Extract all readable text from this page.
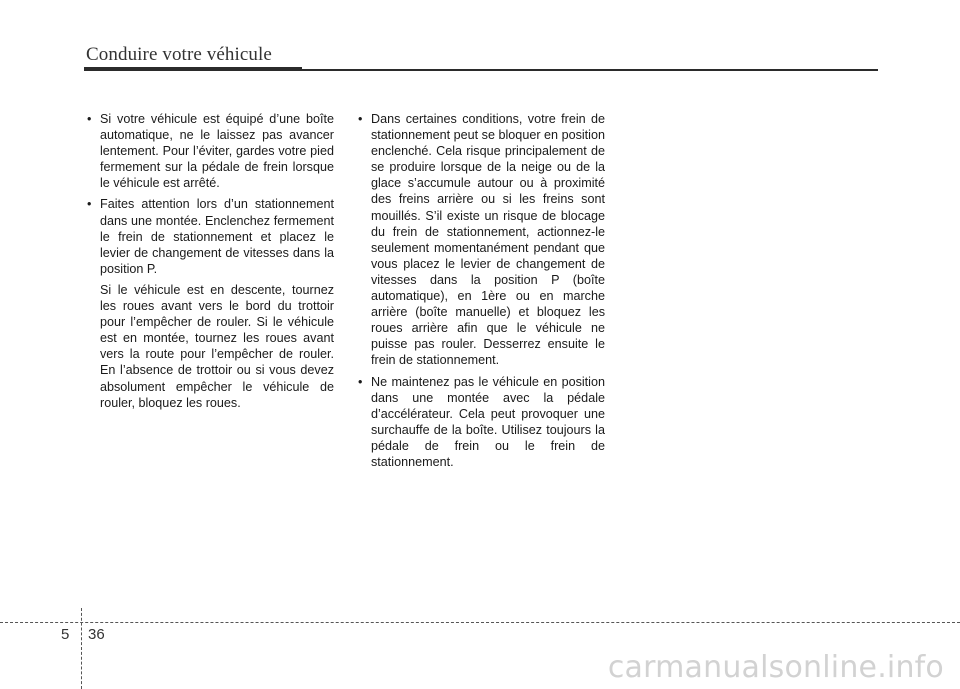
Conduire votre véhicule
• Si votre véhicule est équipé d’une boîte automatique, ne le laissez pas avancer lentement. Pour l’éviter, gardes votre pied fermement sur la pédale de frein lorsque le véhicule est arrêté.

• Faites attention lors d’un stationnement dans une montée. Enclenchez fermement le frein de stationnement et placez le levier de changement de vitesses dans la position P.

Si le véhicule est en descente, tournez les roues avant vers le bord du trottoir pour l’empêcher de rouler. Si le véhicule est en montée, tournez les roues avant vers la route pour l’empêcher de rouler. En l’absence de trottoir ou si vous devez absolument empêcher le véhicule de rouler, bloquez les roues.

• Dans certaines conditions, votre frein de stationnement peut se bloquer en position enclenché. Cela risque principalement de se produire lorsque de la neige ou de la glace s’accumule autour ou à proximité des freins arrière ou si les freins sont mouillés. S’il existe un risque de blocage du frein de stationnement, actionnez-le seulement momentanément pendant que vous placez le levier de changement de vitesses dans la position P (boîte automatique), en 1ère ou en marche arrière (boîte manuelle) et bloquez les roues arrière afin que le véhicule ne puisse pas rouler. Desserrez ensuite le frein de stationnement.

• Ne maintenez pas le véhicule en position dans une montée avec la pédale d’accélérateur. Cela peut provoquer une surchauffe de la boîte. Utilisez toujours la pédale de frein ou le frein de stationnement.

5 36
carmanualsonline.info
